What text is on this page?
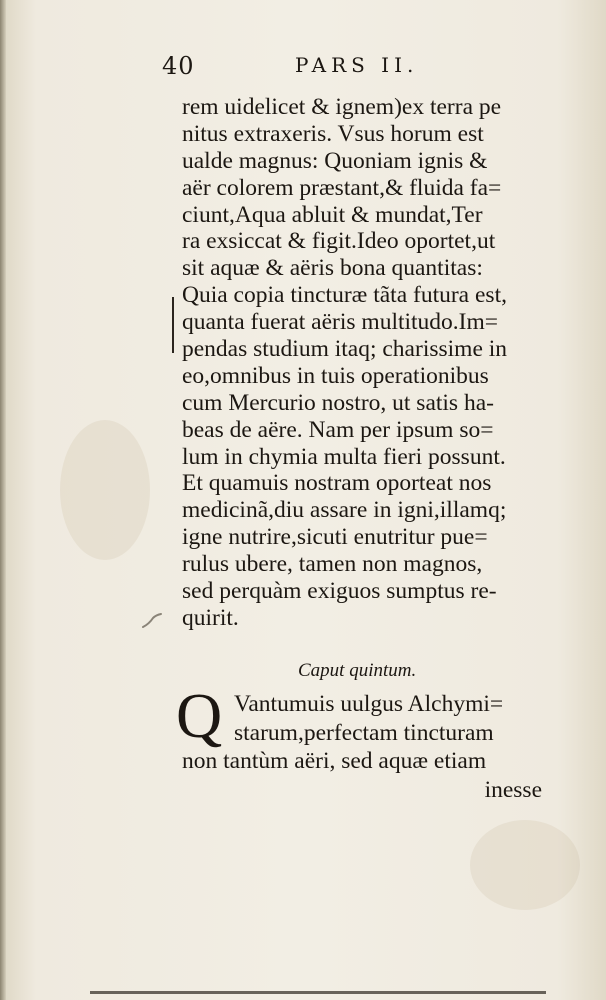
40	PARS II.
rem uidelicet & ignem)ex terra pe
nitus extraxeris. Vsus horum est
ualde magnus: Quoniam ignis &
aër colorem præstant,& fluida fa=
ciunt,Aqua abluit & mundat,Ter
ra exsiccat & figit.Ideo oportet,ut
sit aquæ & aëris bona quantitas:
Quia copia tincturæ tãta futura est,
quanta fuerat aëris multitudo.Im=
pendas studium itaq; charissime in
eo,omnibus in tuis operationibus
cum Mercurio nostro, ut satis ha-
beas de aëre. Nam per ipsum so=
lum in chymia multa fieri possunt.
Et quamuis nostram oporteat nos
medicinã,diu assare in igni,illamq;
igne nutrire,sicuti enutritur pue=
rulus ubere, tamen non magnos,
sed perquàm exiguos sumptus re-
quirit.
Caput quintum.
Q Vantumuis uulgus Alchymi=
starum,perfectam tincturam
non tantùm aëri, sed aquæ etiam
inesse
